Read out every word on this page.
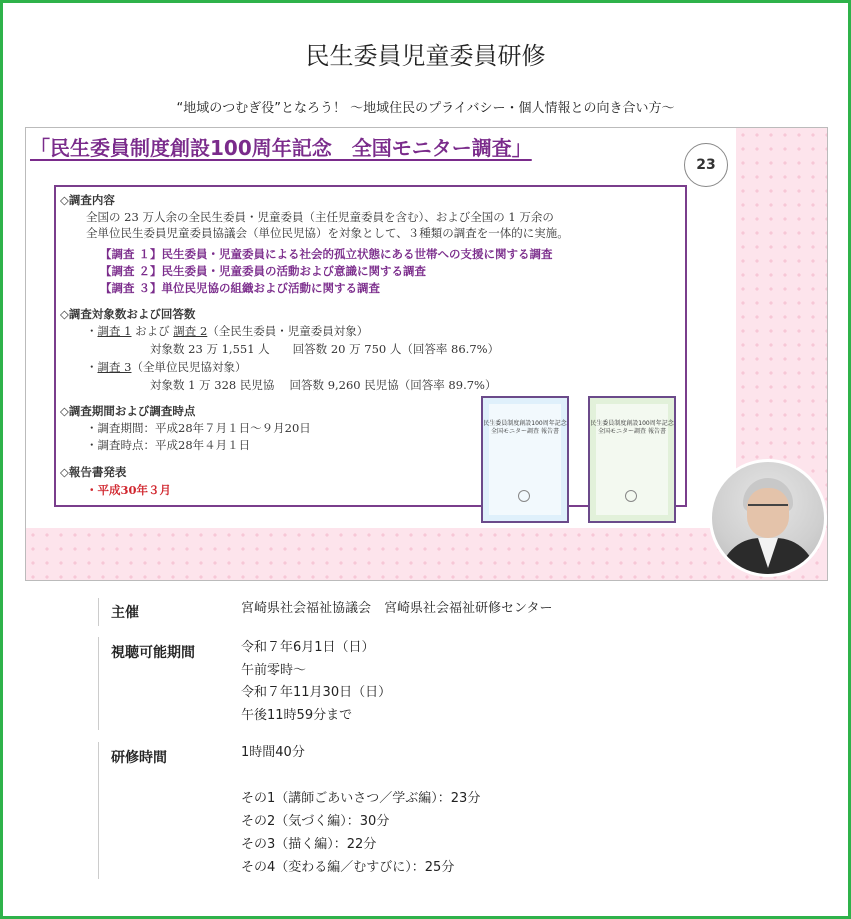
民生委員児童委員研修
“地域のつむぎ役”となろう！ ～地域住民のプライバシー・個人情報との向き合い方～
「民生委員制度創設100周年記念　全国モニター調査」
23
◇調査内容
全国の 23 万人余の全民生委員・児童委員（主任児童委員を含む）、および全国の 1 万余の
全単位民生委員児童委員協議会（単位民児協）を対象として、３種類の調査を一体的に実施。
【調査 １】民生委員・児童委員による社会的孤立状態にある世帯への支援に関する調査
【調査 ２】民生委員・児童委員の活動および意識に関する調査
【調査 ３】単位民児協の組織および活動に関する調査
◇調査対象数および回答数
・調査 1 および 調査 2（全民生委員・児童委員対象）
対象数 23 万 1,551 人　　回答数 20 万 750 人（回答率 86.7%）
・調査 3（全単位民児協対象）
対象数 1 万 328 民児協　 回答数 9,260 民児協（回答率 89.7%）
◇調査期間および調査時点
・調査期間：平成28年７月１日～９月20日
・調査時点：平成28年４月１日
◇報告書発表
・平成30年３月
民生委員制度創設100周年記念 全国モニター調査 報告書
民生委員制度創設100周年記念 全国モニター調査 報告書
主催	宮崎県社会福祉協議会　宮崎県社会福祉研修センター
視聴可能期間	令和７年6月1日（日）
午前零時～
令和７年11月30日（日）
午後11時59分まで
研修時間	1時間40分
その1（講師ごあいさつ／学ぶ編）：23分
その2（気づく編）：30分
その3（描く編）：22分
その4（変わる編／むすびに）：25分
